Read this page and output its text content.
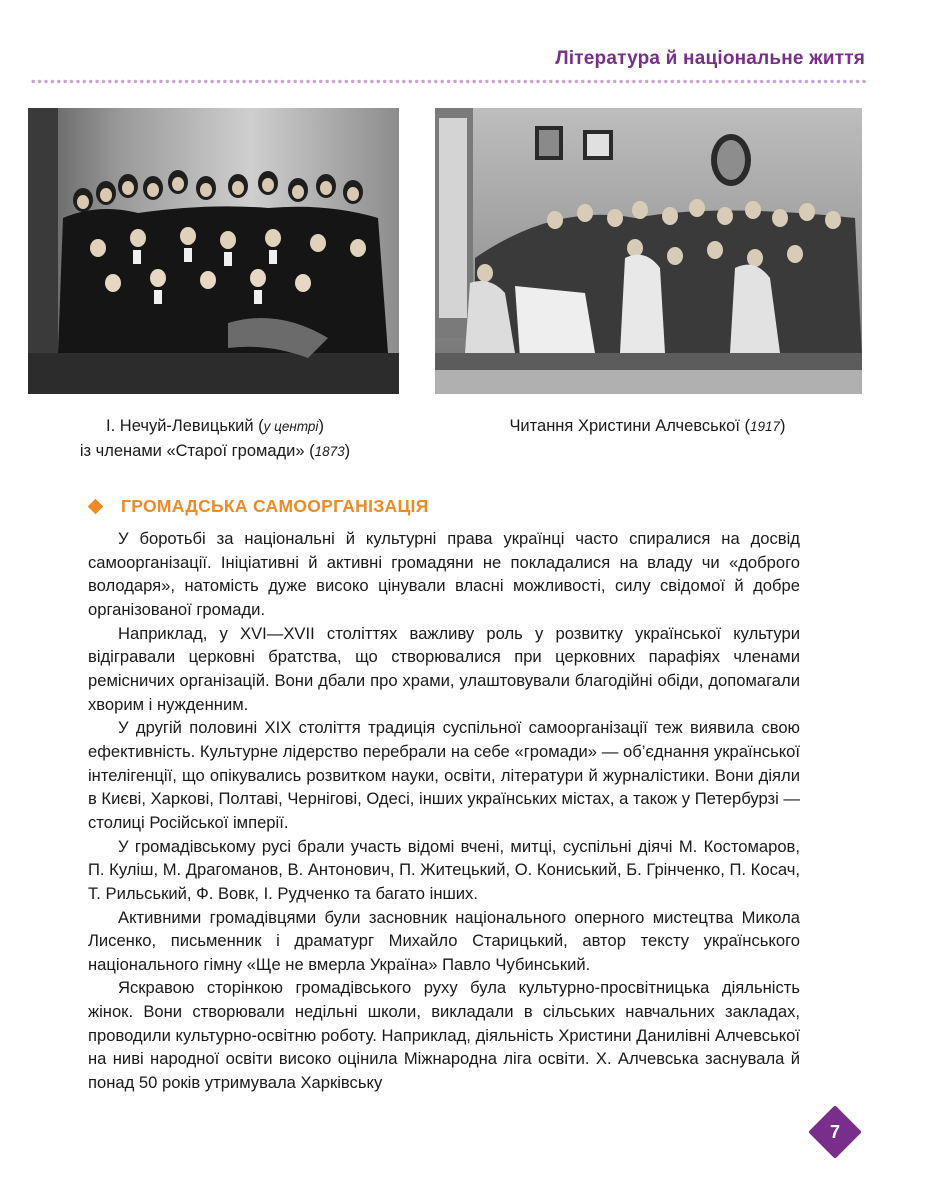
Література й національне життя
І. Нечуй-Левицький (у центрі)
із членами «Старої громади» (1873)
Читання Христини Алчевської (1917)
ГРОМАДСЬКА САМООРГАНІЗАЦІЯ

У боротьбі за національні й культурні права українці часто спиралися на досвід самоорганізації. Ініціативні й активні громадяни не покладалися на владу чи «доброго володаря», натомість дуже високо цінували власні можливості, силу свідомої й добре організованої громади.

Наприклад, у XVI—XVII століттях важливу роль у розвитку української культури відігравали церковні братства, що створювалися при церковних парафіях членами ремісничих організацій. Вони дбали про храми, улаштовували благодійні обіди, допомагали хворим і нужденним.

У другій половині XIX століття традиція суспільної самоорганізації теж виявила свою ефективність. Культурне лідерство перебрали на себе «громади» — об’єднання української інтелігенції, що опікувались розвитком науки, освіти, літератури й журналістики. Вони діяли в Києві, Харкові, Полтаві, Чернігові, Одесі, інших українських містах, а також у Петербурзі — столиці Російської імперії.

У громадівському русі брали участь відомі вчені, митці, суспільні діячі М. Костомаров, П. Куліш, М. Драгоманов, В. Антонович, П. Житецький, О. Кониський, Б. Грінченко, П. Косач, Т. Рильський, Ф. Вовк, І. Рудченко та багато інших.

Активними громадівцями були засновник національного оперного мистецтва Микола Лисенко, письменник і драматург Михайло Старицький, автор тексту українського національного гімну «Ще не вмерла Україна» Павло Чубинський.

Яскравою сторінкою громадівського руху була культурно-просвітницька діяльність жінок. Вони створювали недільні школи, викладали в сільських навчальних закладах, проводили культурно-освітню роботу. Наприклад, діяльність Христини Данилівні Алчевської на ниві народної освіти високо оцінила Міжнародна ліга освіти. Х. Алчевська заснувала й понад 50 років утримувала Харківську

7
